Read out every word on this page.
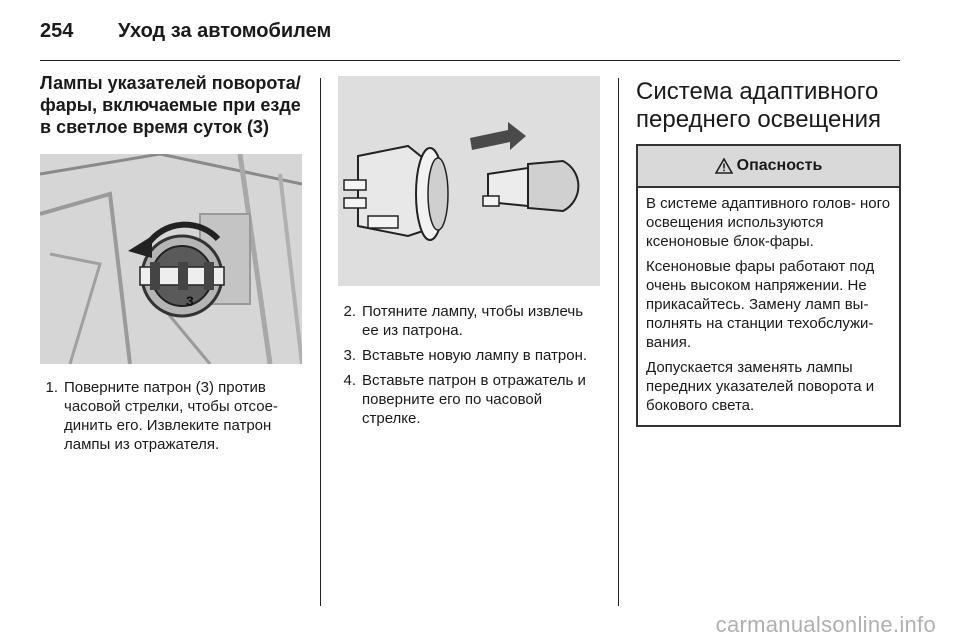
254 Уход за автомобилем
Лампы указателей поворота/ фары, включаемые при езде в светлое время суток (3)
3
1. Поверните патрон (3) против часовой стрелки, чтобы отсое- динить его. Извлеките патрон лампы из отражателя.
2. Потяните лампу, чтобы извлечь ее из патрона.
3. Вставьте новую лампу в патрон.
4. Вставьте патрон в отражатель и поверните его по часовой стрелке.
Система адаптивного переднего освещения
Опасность

В системе адаптивного голов- ного освещения используются ксеноновые блок-фары.

Ксеноновые фары работают под очень высоком напряжении. Не прикасайтесь. Замену ламп вы- полнять на станции техобслужи- вания.

Допускается заменять лампы передних указателей поворота и бокового света.

carmanualsonline.info
